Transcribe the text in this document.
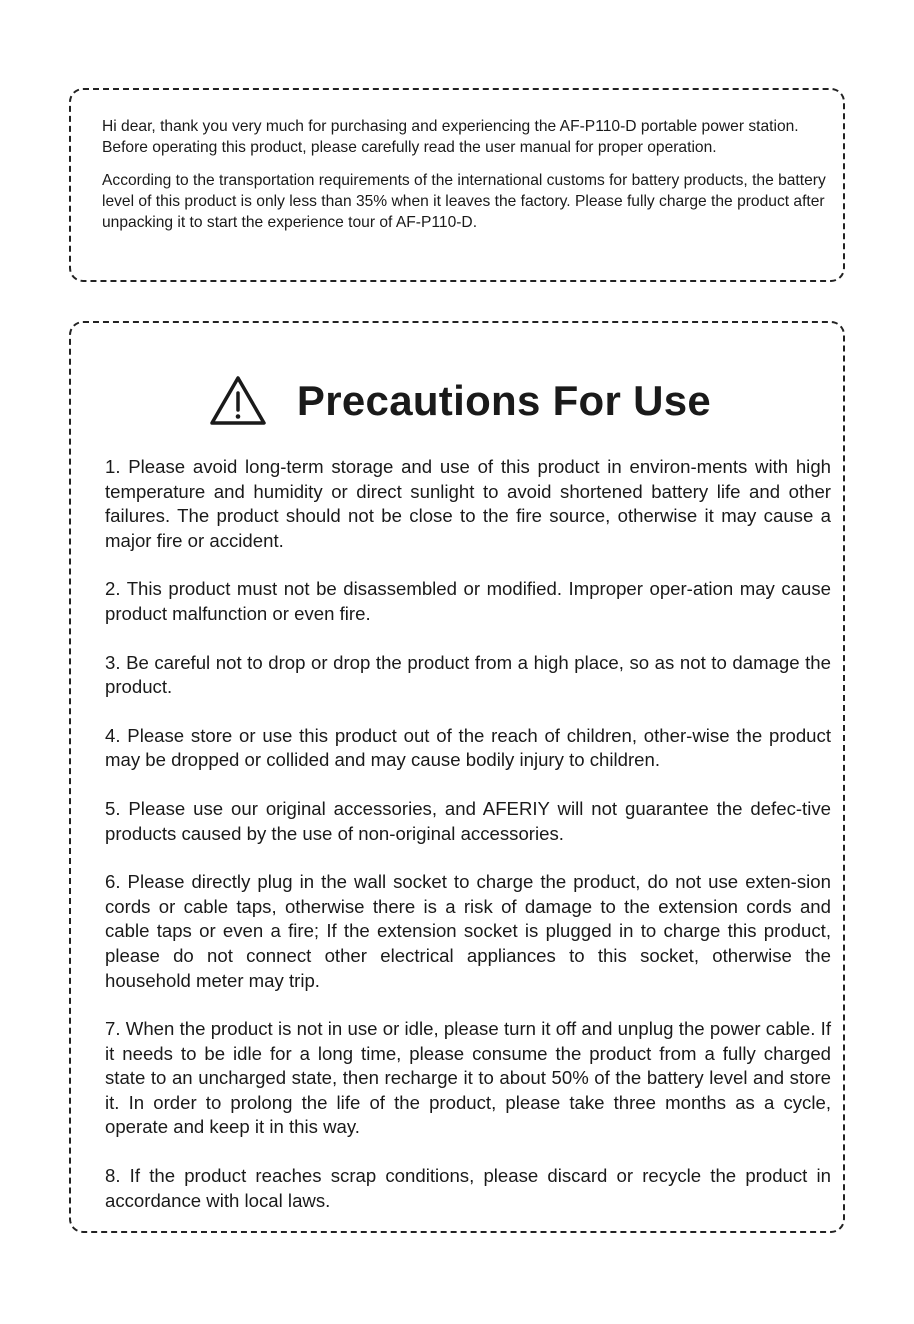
Hi dear, thank you very much for purchasing and experiencing the AF-P110-D portable power station. Before operating this product, please carefully read the user manual for proper operation.

According to the transportation requirements of the international customs for battery products, the battery level of this product is only less than 35% when it leaves the factory. Please fully charge the product after unpacking it to start the experience tour of AF-P110-D.

Precautions For Use

1. Please avoid long-term storage and use of this product in environ-ments with high temperature and humidity or direct sunlight to avoid shortened battery life and other failures. The product should not be close to the fire source, otherwise it may cause a major fire or accident.

2. This product must not be disassembled or modified. Improper oper-ation may cause product malfunction or even fire.

3. Be careful not to drop or drop the product from a high place, so as not to damage the product.

4. Please store or use this product out of the reach of children, other-wise the product may be dropped or collided and may cause bodily injury to children.

5. Please use our original accessories, and AFERIY will not guarantee the defec-tive products caused by the use of non-original accessories.

6. Please directly plug in the wall socket to charge the product, do not use exten-sion cords or cable taps, otherwise there is a risk of damage to the extension cords and cable taps or even a fire; If the extension socket is plugged in to charge this product, please do not connect other electrical appliances to this socket, otherwise the household meter may trip.

7. When the product is not in use or idle, please turn it off and unplug the power cable. If it needs to be idle for a long time, please consume the product from a fully charged state to an uncharged state, then recharge it to about 50% of the battery level and store it. In order to prolong the life of the product, please take three months as a cycle, operate and keep it in this way.

8. If the product reaches scrap conditions, please discard or recycle the product in accordance with local laws.
